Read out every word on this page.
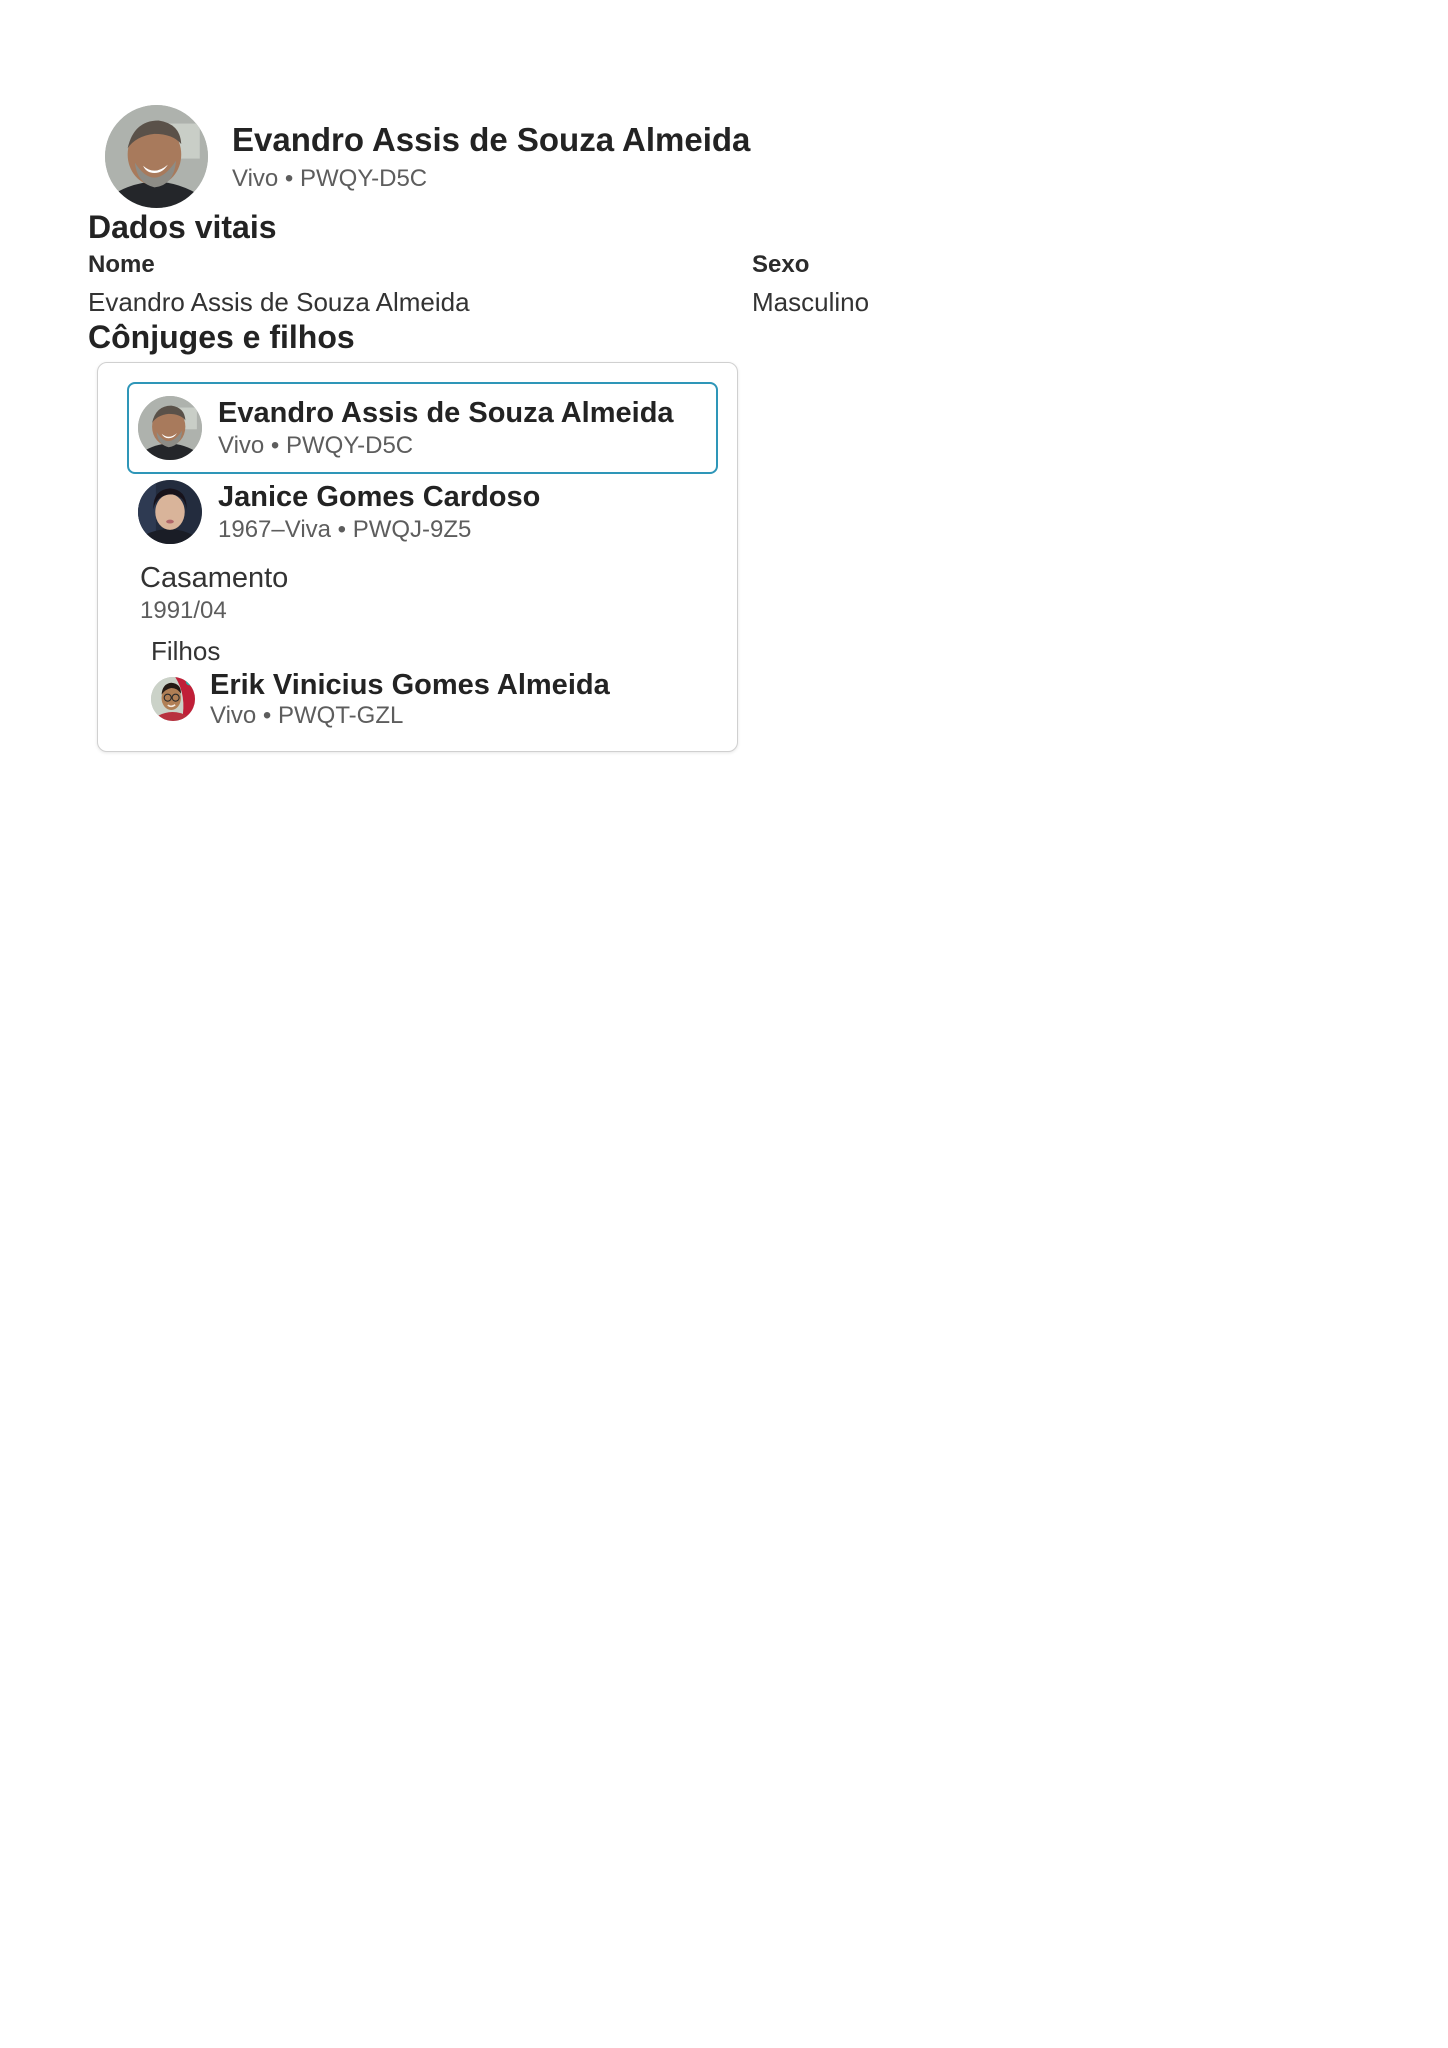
Evandro Assis de Souza Almeida
Vivo • PWQY-D5C
Dados vitais
Nome
Evandro Assis de Souza Almeida
Sexo
Masculino
Cônjuges e filhos
Evandro Assis de Souza Almeida
Vivo • PWQY-D5C
Janice Gomes Cardoso
1967–Viva • PWQJ-9Z5
Casamento
1991/04
Filhos
Erik Vinicius Gomes Almeida
Vivo • PWQT-GZL
